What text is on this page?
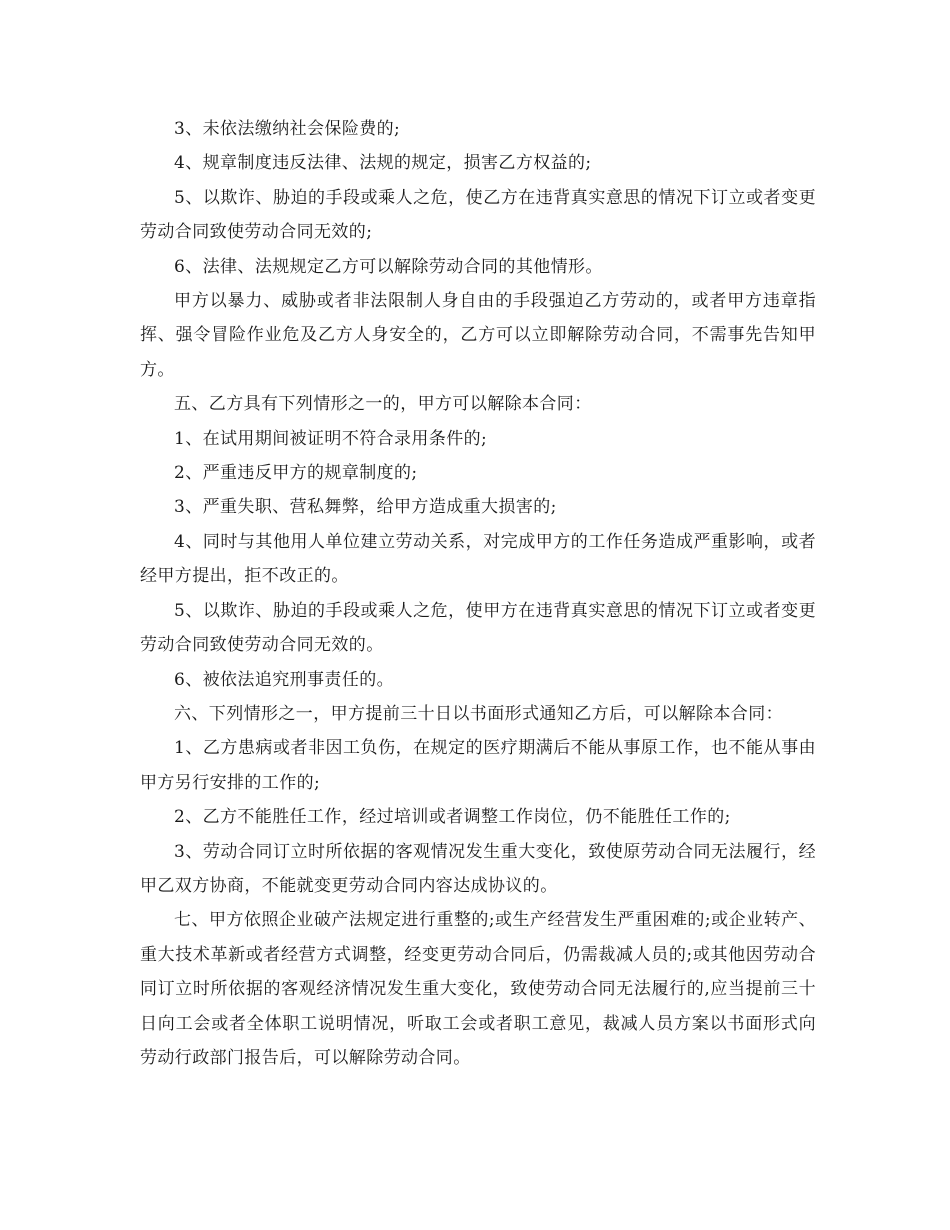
3、未依法缴纳社会保险费的;

4、规章制度违反法律、法规的规定，损害乙方权益的;

5、以欺诈、胁迫的手段或乘人之危，使乙方在违背真实意思的情况下订立或者变更劳动合同致使劳动合同无效的;

6、法律、法规规定乙方可以解除劳动合同的其他情形。

甲方以暴力、威胁或者非法限制人身自由的手段强迫乙方劳动的，或者甲方违章指挥、强令冒险作业危及乙方人身安全的，乙方可以立即解除劳动合同，不需事先告知甲方。

五、乙方具有下列情形之一的，甲方可以解除本合同：

1、在试用期间被证明不符合录用条件的;

2、严重违反甲方的规章制度的;

3、严重失职、营私舞弊，给甲方造成重大损害的;

4、同时与其他用人单位建立劳动关系，对完成甲方的工作任务造成严重影响，或者经甲方提出，拒不改正的。

5、以欺诈、胁迫的手段或乘人之危，使甲方在违背真实意思的情况下订立或者变更劳动合同致使劳动合同无效的。

6、被依法追究刑事责任的。

六、下列情形之一，甲方提前三十日以书面形式通知乙方后，可以解除本合同：

1、乙方患病或者非因工负伤，在规定的医疗期满后不能从事原工作，也不能从事由甲方另行安排的工作的;

2、乙方不能胜任工作，经过培训或者调整工作岗位，仍不能胜任工作的;

3、劳动合同订立时所依据的客观情况发生重大变化，致使原劳动合同无法履行，经甲乙双方协商，不能就变更劳动合同内容达成协议的。

七、甲方依照企业破产法规定进行重整的;或生产经营发生严重困难的;或企业转产、重大技术革新或者经营方式调整，经变更劳动合同后，仍需裁减人员的;或其他因劳动合同订立时所依据的客观经济情况发生重大变化，致使劳动合同无法履行的,应当提前三十日向工会或者全体职工说明情况，听取工会或者职工意见，裁减人员方案以书面形式向劳动行政部门报告后，可以解除劳动合同。
